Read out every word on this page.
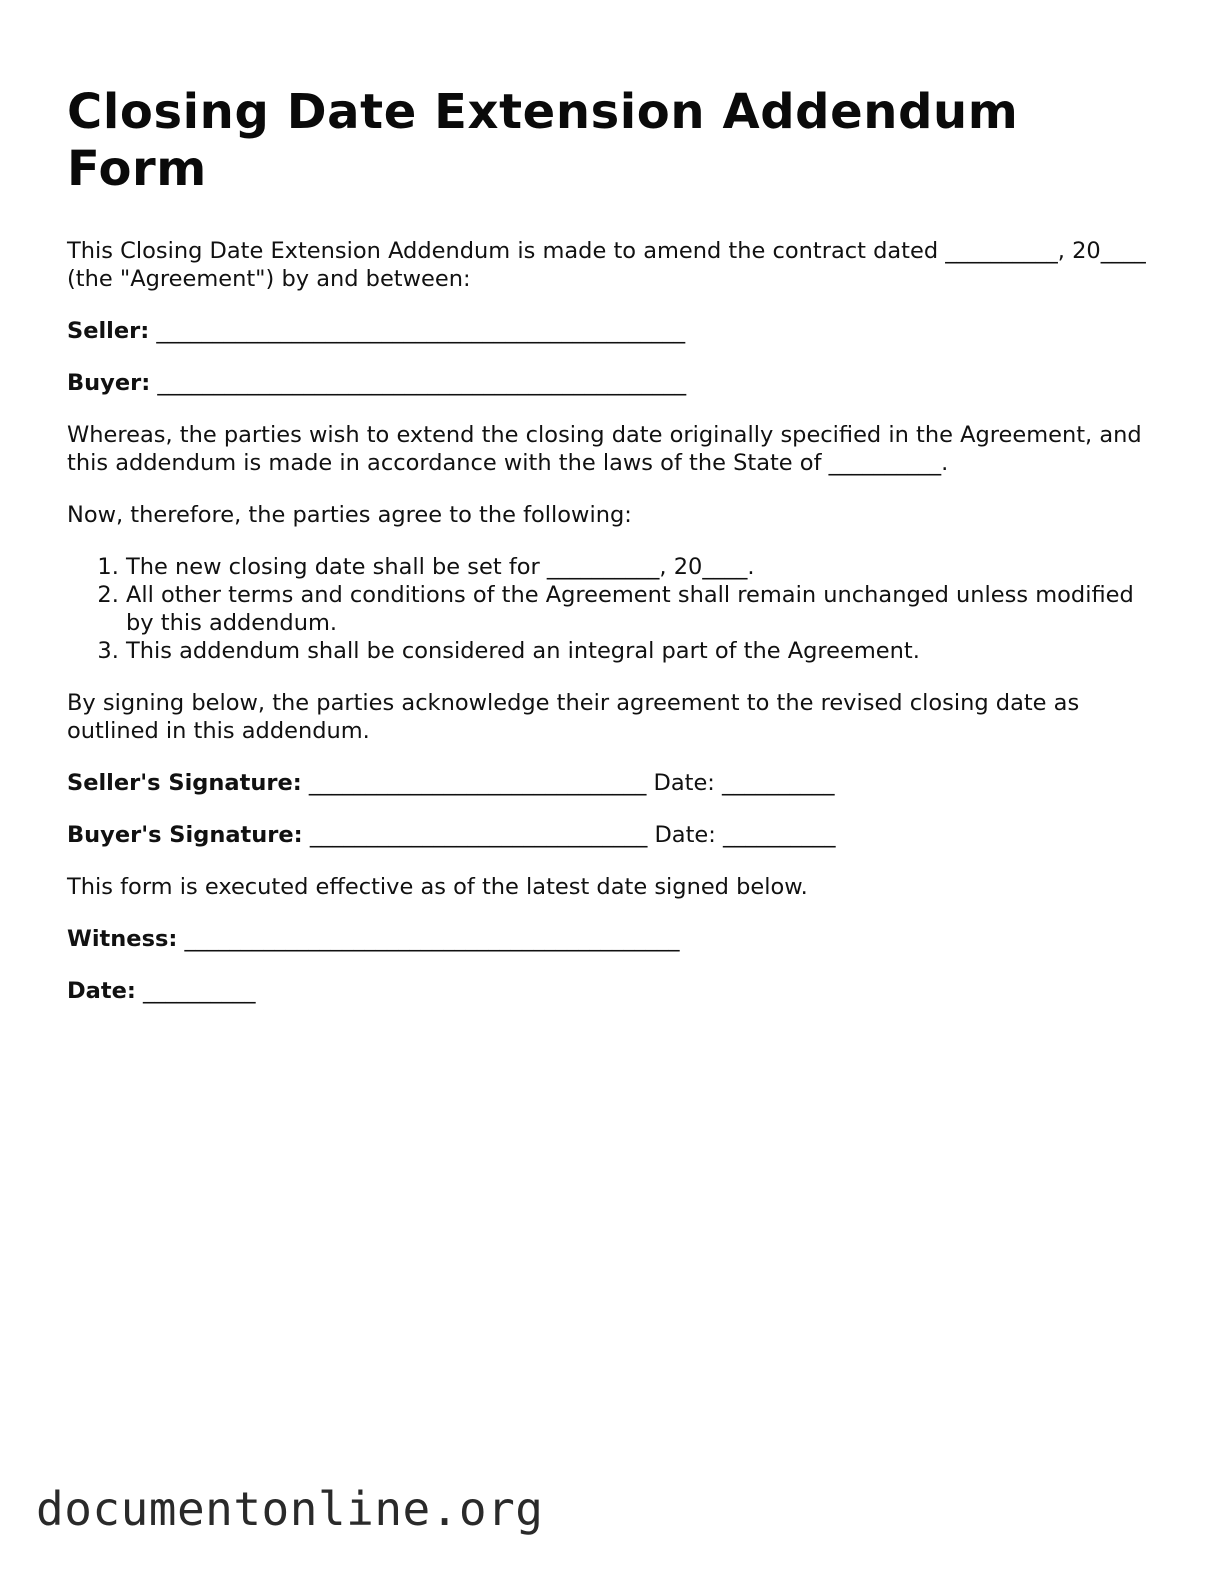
Closing Date Extension Addendum Form

This Closing Date Extension Addendum is made to amend the contract dated __________, 20____ (the "Agreement") by and between:

Seller: _______________________________________________

Buyer: _______________________________________________

Whereas, the parties wish to extend the closing date originally specified in the Agreement, and this addendum is made in accordance with the laws of the State of __________.

Now, therefore, the parties agree to the following:

1. The new closing date shall be set for __________, 20____.
2. All other terms and conditions of the Agreement shall remain unchanged unless modified by this addendum.
3. This addendum shall be considered an integral part of the Agreement.

By signing below, the parties acknowledge their agreement to the revised closing date as outlined in this addendum.

Seller's Signature: ______________________________ Date: __________

Buyer's Signature: ______________________________ Date: __________

This form is executed effective as of the latest date signed below.

Witness: ____________________________________________

Date: __________

documentonline.org
